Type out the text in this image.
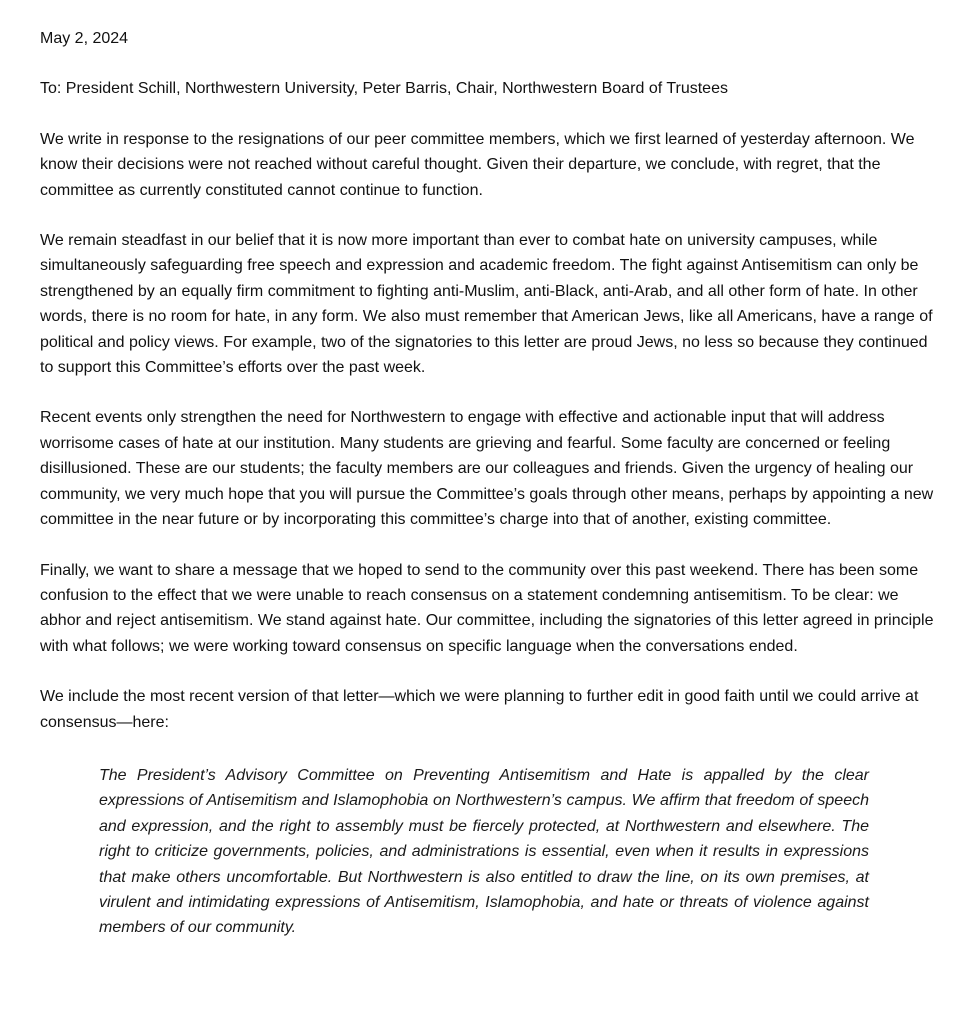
May 2, 2024

To: President Schill, Northwestern University, Peter Barris, Chair, Northwestern Board of Trustees

We write in response to the resignations of our peer committee members, which we first learned of yesterday afternoon. We know their decisions were not reached without careful thought. Given their departure, we conclude, with regret, that the committee as currently constituted cannot continue to function.

We remain steadfast in our belief that it is now more important than ever to combat hate on university campuses, while simultaneously safeguarding free speech and expression and academic freedom. The fight against Antisemitism can only be strengthened by an equally firm commitment to fighting anti-Muslim, anti-Black, anti-Arab, and all other form of hate. In other words, there is no room for hate, in any form. We also must remember that American Jews, like all Americans, have a range of political and policy views. For example, two of the signatories to this letter are proud Jews, no less so because they continued to support this Committee’s efforts over the past week.

Recent events only strengthen the need for Northwestern to engage with effective and actionable input that will address worrisome cases of hate at our institution. Many students are grieving and fearful. Some faculty are concerned or feeling disillusioned. These are our students; the faculty members are our colleagues and friends. Given the urgency of healing our community, we very much hope that you will pursue the Committee’s goals through other means, perhaps by appointing a new committee in the near future or by incorporating this committee’s charge into that of another, existing committee.

Finally, we want to share a message that we hoped to send to the community over this past weekend. There has been some confusion to the effect that we were unable to reach consensus on a statement condemning antisemitism. To be clear: we abhor and reject antisemitism. We stand against hate. Our committee, including the signatories of this letter agreed in principle with what follows; we were working toward consensus on specific language when the conversations ended.

We include the most recent version of that letter—which we were planning to further edit in good faith until we could arrive at consensus—here:

The President’s Advisory Committee on Preventing Antisemitism and Hate is appalled by the clear expressions of Antisemitism and Islamophobia on Northwestern’s campus. We affirm that freedom of speech and expression, and the right to assembly must be fiercely protected, at Northwestern and elsewhere. The right to criticize governments, policies, and administrations is essential, even when it results in expressions that make others uncomfortable. But Northwestern is also entitled to draw the line, on its own premises, at virulent and intimidating expressions of Antisemitism, Islamophobia, and hate or threats of violence against members of our community.
